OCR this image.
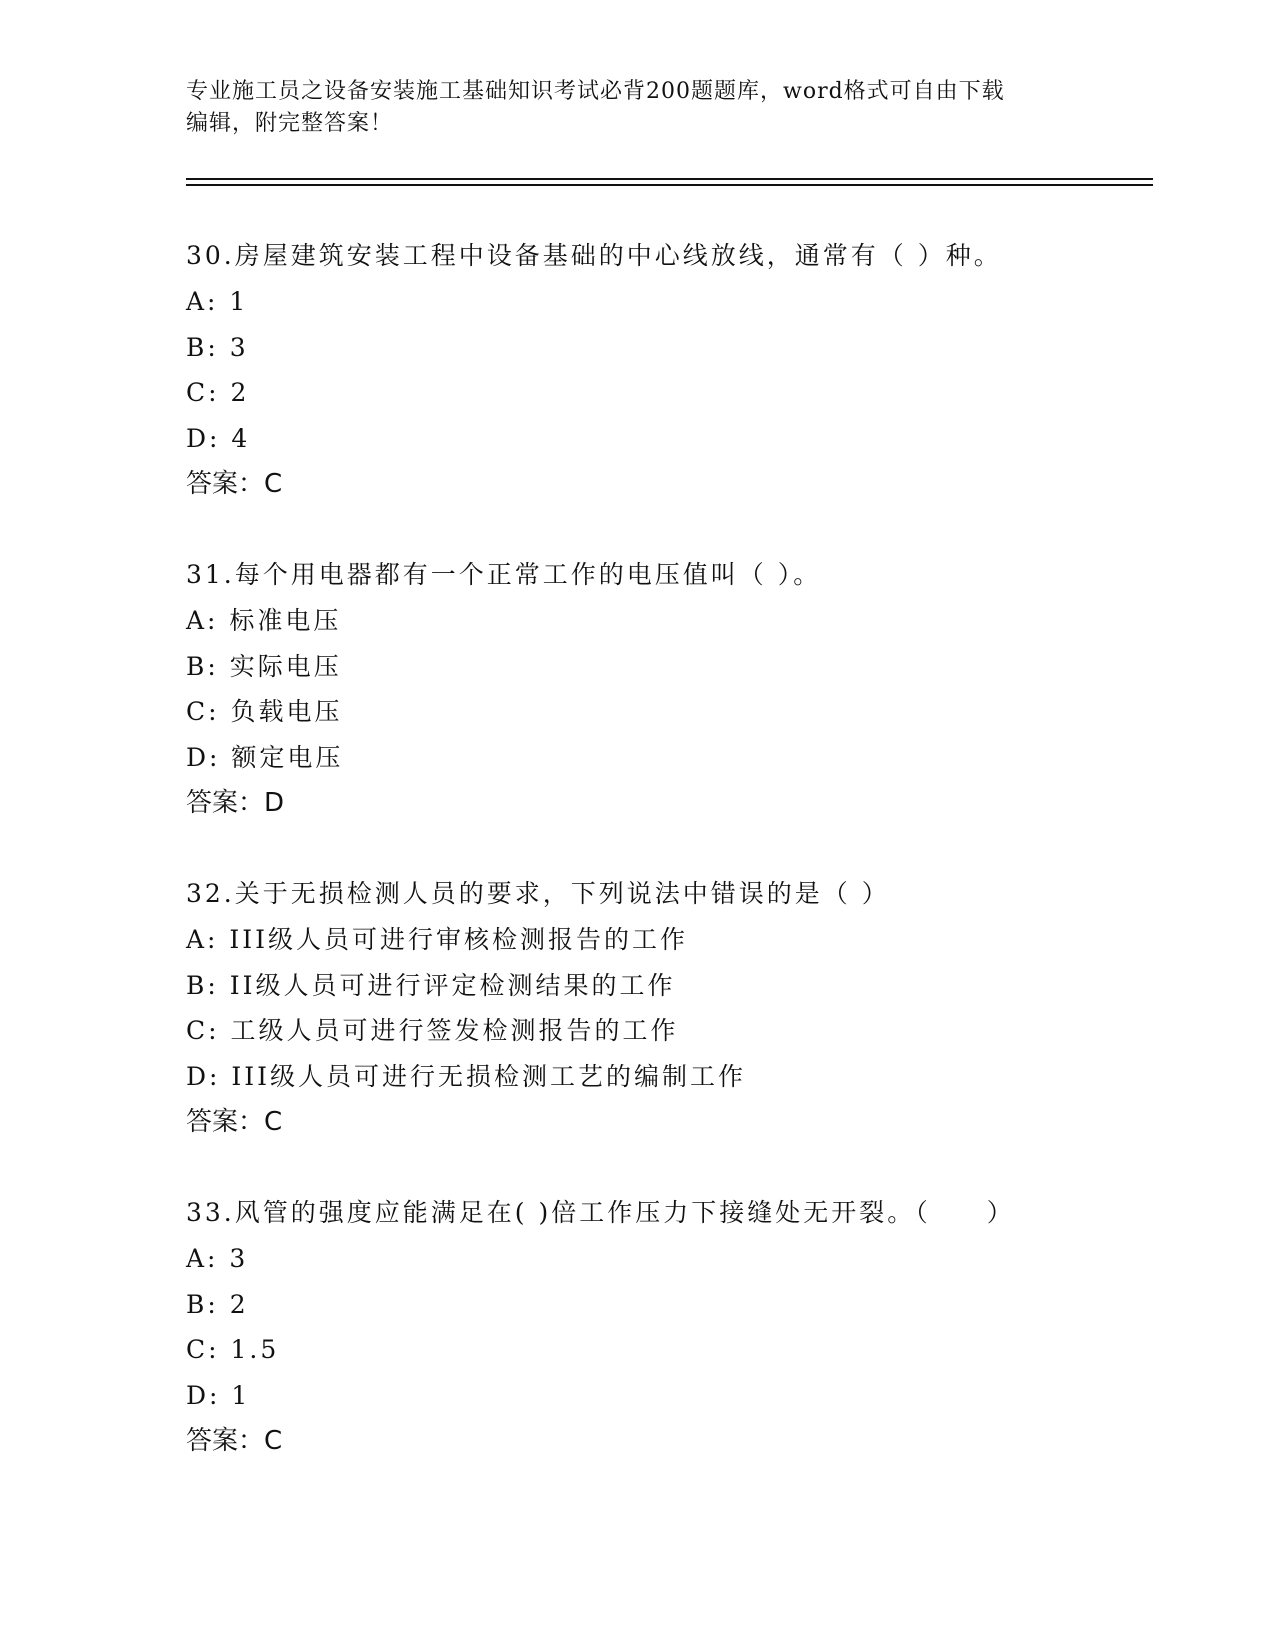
专业施工员之设备安装施工基础知识考试必背200题题库，word格式可自由下载
编辑，附完整答案！
30.房屋建筑安装工程中设备基础的中心线放线，通常有（ ）种。
A: 1
B: 3
C: 2
D: 4
答案：C
31.每个用电器都有一个正常工作的电压值叫（ ）。
A: 标准电压
B: 实际电压
C: 负载电压
D: 额定电压
答案：D
32.关于无损检测人员的要求，下列说法中错误的是（ ）
A: III级人员可进行审核检测报告的工作
B: II级人员可进行评定检测结果的工作
C: 工级人员可进行签发检测报告的工作
D: III级人员可进行无损检测工艺的编制工作
答案：C
33.风管的强度应能满足在( )倍工作压力下接缝处无开裂。（　　）
A: 3
B: 2
C: 1.5
D: 1
答案：C
